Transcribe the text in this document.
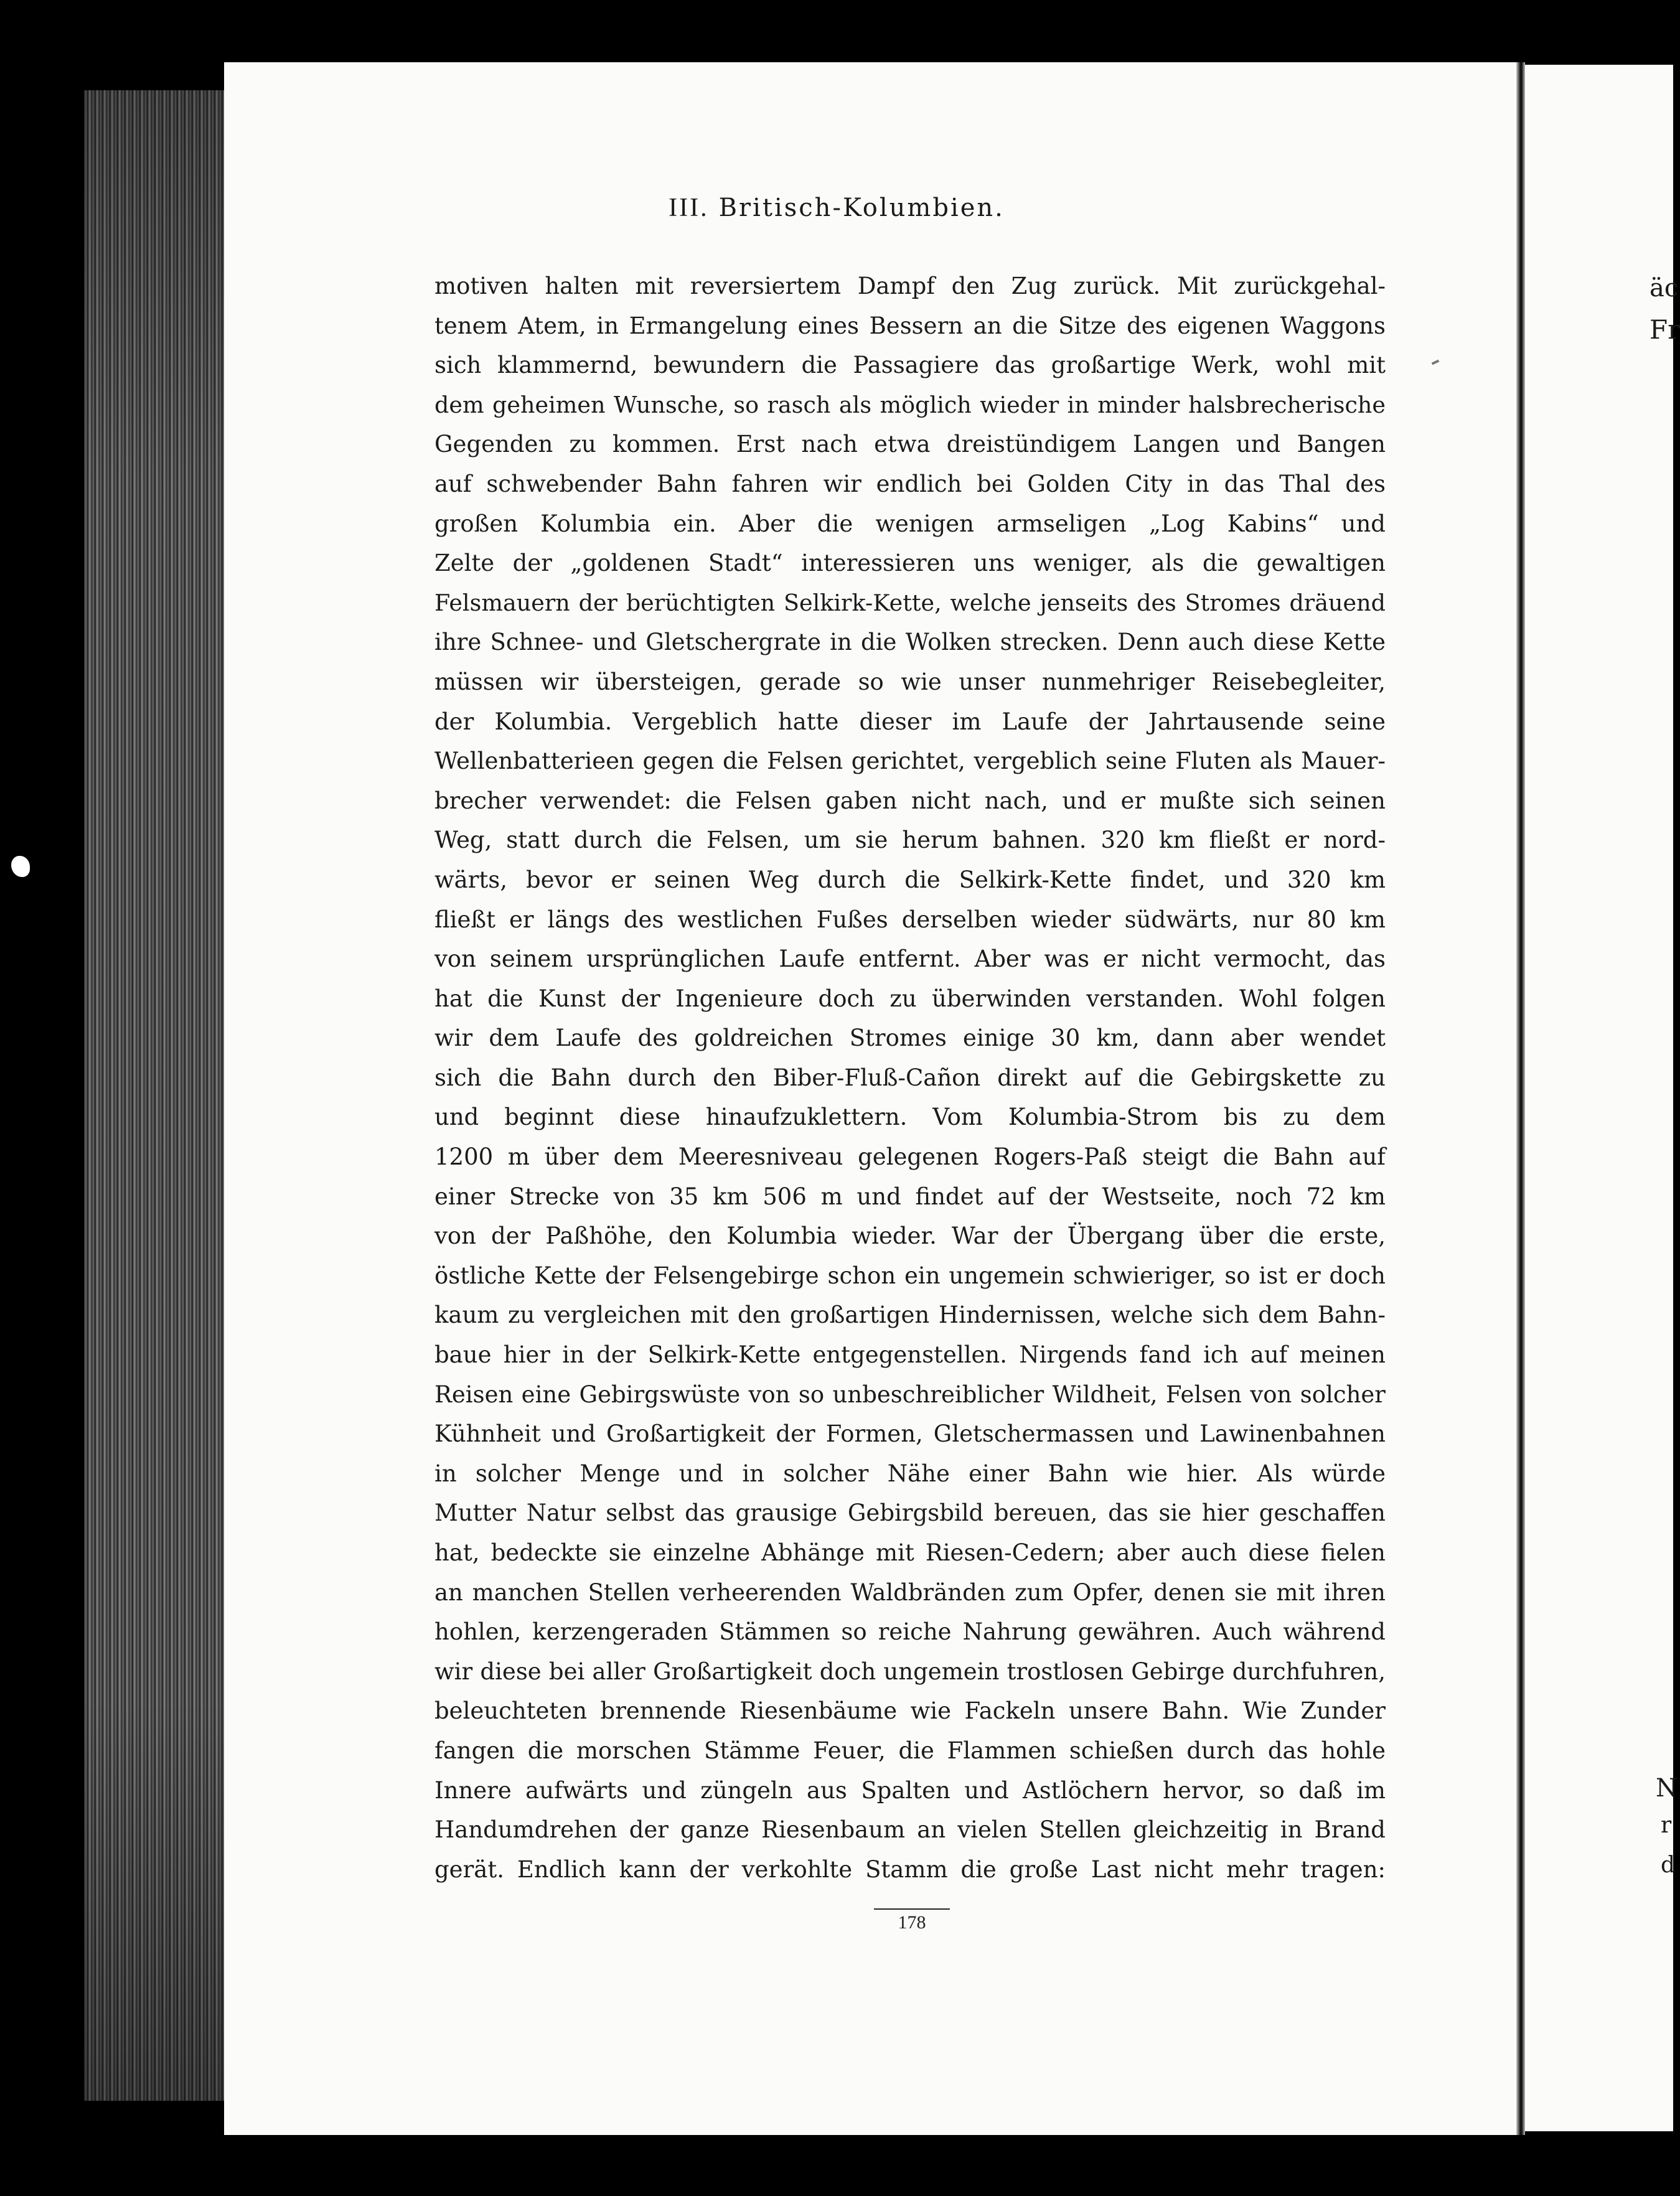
III. Britisch-Kolumbien.
motiven halten mit reversiertem Dampf den Zug zurück. Mit zurückgehal-
tenem Atem, in Ermangelung eines Bessern an die Sitze des eigenen Waggons
sich klammernd, bewundern die Passagiere das großartige Werk, wohl mit
dem geheimen Wunsche, so rasch als möglich wieder in minder halsbrecherische
Gegenden zu kommen. Erst nach etwa dreistündigem Langen und Bangen
auf schwebender Bahn fahren wir endlich bei Golden City in das Thal des
großen Kolumbia ein. Aber die wenigen armseligen „Log Kabins“ und
Zelte der „goldenen Stadt“ interessieren uns weniger, als die gewaltigen
Felsmauern der berüchtigten Selkirk-Kette, welche jenseits des Stromes dräuend
ihre Schnee- und Gletschergrate in die Wolken strecken. Denn auch diese Kette
müssen wir übersteigen, gerade so wie unser nunmehriger Reisebegleiter,
der Kolumbia. Vergeblich hatte dieser im Laufe der Jahrtausende seine
Wellenbatterieen gegen die Felsen gerichtet, vergeblich seine Fluten als Mauer-
brecher verwendet: die Felsen gaben nicht nach, und er mußte sich seinen
Weg, statt durch die Felsen, um sie herum bahnen. 320 km fließt er nord-
wärts, bevor er seinen Weg durch die Selkirk-Kette findet, und 320 km
fließt er längs des westlichen Fußes derselben wieder südwärts, nur 80 km
von seinem ursprünglichen Laufe entfernt. Aber was er nicht vermocht, das
hat die Kunst der Ingenieure doch zu überwinden verstanden. Wohl folgen
wir dem Laufe des goldreichen Stromes einige 30 km, dann aber wendet
sich die Bahn durch den Biber-Fluß-Cañon direkt auf die Gebirgskette zu
und beginnt diese hinaufzuklettern. Vom Kolumbia-Strom bis zu dem
1200 m über dem Meeresniveau gelegenen Rogers-Paß steigt die Bahn auf
einer Strecke von 35 km 506 m und findet auf der Westseite, noch 72 km
von der Paßhöhe, den Kolumbia wieder. War der Übergang über die erste,
östliche Kette der Felsengebirge schon ein ungemein schwieriger, so ist er doch
kaum zu vergleichen mit den großartigen Hindernissen, welche sich dem Bahn-
baue hier in der Selkirk-Kette entgegenstellen. Nirgends fand ich auf meinen
Reisen eine Gebirgswüste von so unbeschreiblicher Wildheit, Felsen von solcher
Kühnheit und Großartigkeit der Formen, Gletschermassen und Lawinenbahnen
in solcher Menge und in solcher Nähe einer Bahn wie hier. Als würde
Mutter Natur selbst das grausige Gebirgsbild bereuen, das sie hier geschaffen
hat, bedeckte sie einzelne Abhänge mit Riesen-Cedern; aber auch diese fielen
an manchen Stellen verheerenden Waldbränden zum Opfer, denen sie mit ihren
hohlen, kerzengeraden Stämmen so reiche Nahrung gewähren. Auch während
wir diese bei aller Großartigkeit doch ungemein trostlosen Gebirge durchfuhren,
beleuchteten brennende Riesenbäume wie Fackeln unsere Bahn. Wie Zunder
fangen die morschen Stämme Feuer, die Flammen schießen durch das hohle
Innere aufwärts und züngeln aus Spalten und Astlöchern hervor, so daß im
Handumdrehen der ganze Riesenbaum an vielen Stellen gleichzeitig in Brand
gerät. Endlich kann der verkohlte Stamm die große Last nicht mehr tragen:
178
äc
Fr
N
r
d
